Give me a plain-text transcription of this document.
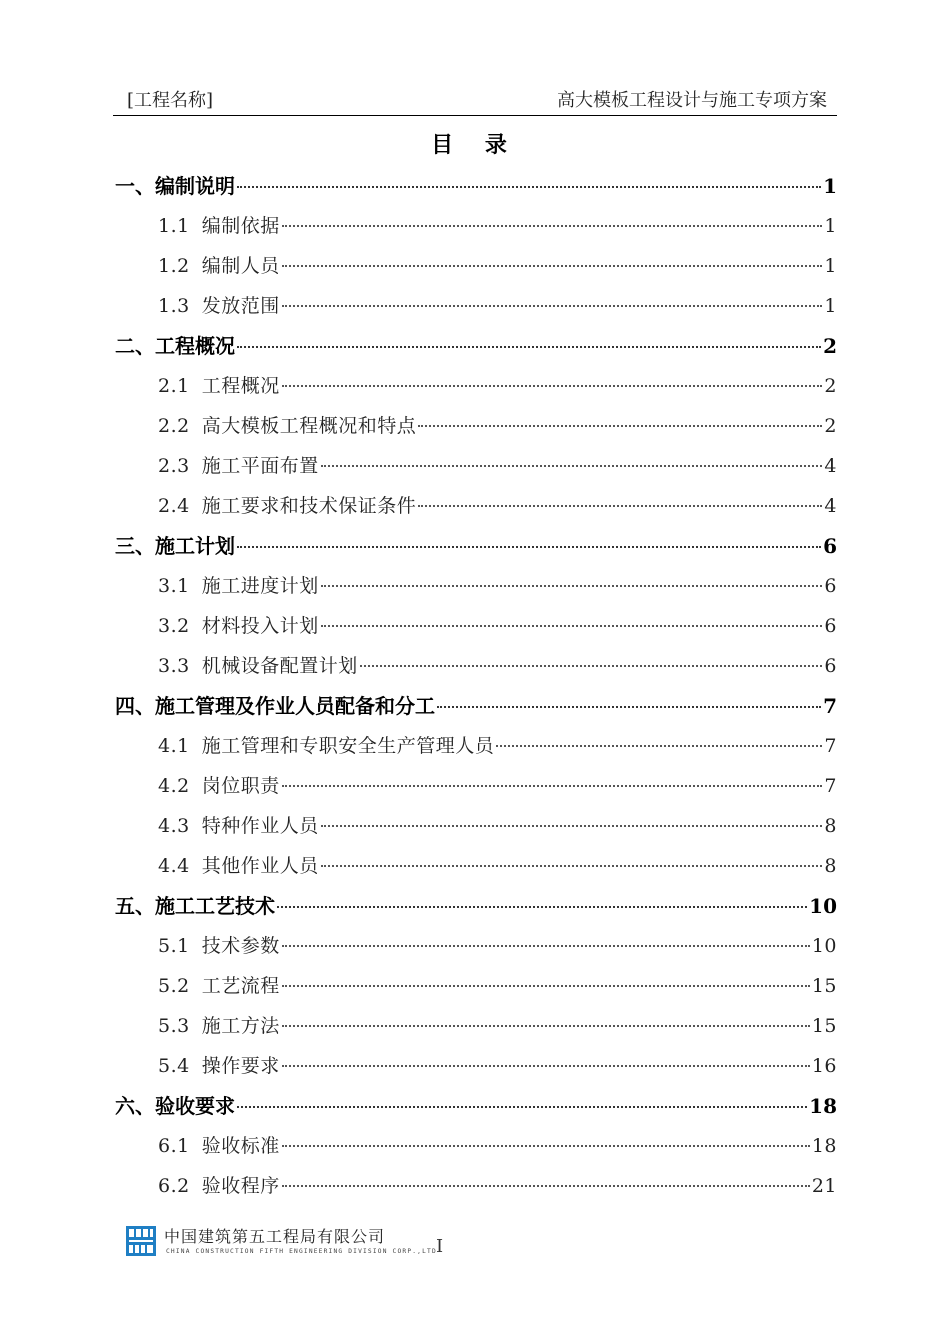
[工程名称]	高大模板工程设计与施工专项方案
目 录
一、 编制说明	1
1.1 编制依据	1
1.2 编制人员	1
1.3 发放范围	1
二、 工程概况	2
2.1 工程概况	2
2.2 高大模板工程概况和特点	2
2.3 施工平面布置	4
2.4 施工要求和技术保证条件	4
三、 施工计划	6
3.1 施工进度计划	6
3.2 材料投入计划	6
3.3 机械设备配置计划	6
四、 施工管理及作业人员配备和分工	7
4.1 施工管理和专职安全生产管理人员	7
4.2 岗位职责	7
4.3 特种作业人员	8
4.4 其他作业人员	8
五、 施工工艺技术	10
5.1 技术参数	10
5.2 工艺流程	15
5.3 施工方法	15
5.4 操作要求	16
六、 验收要求	18
6.1 验收标准	18
6.2 验收程序	21
中国建筑第五工程局有限公司
CHINA CONSTRUCTION FIFTH ENGINEERING DIVISION CORP.,LTD I
